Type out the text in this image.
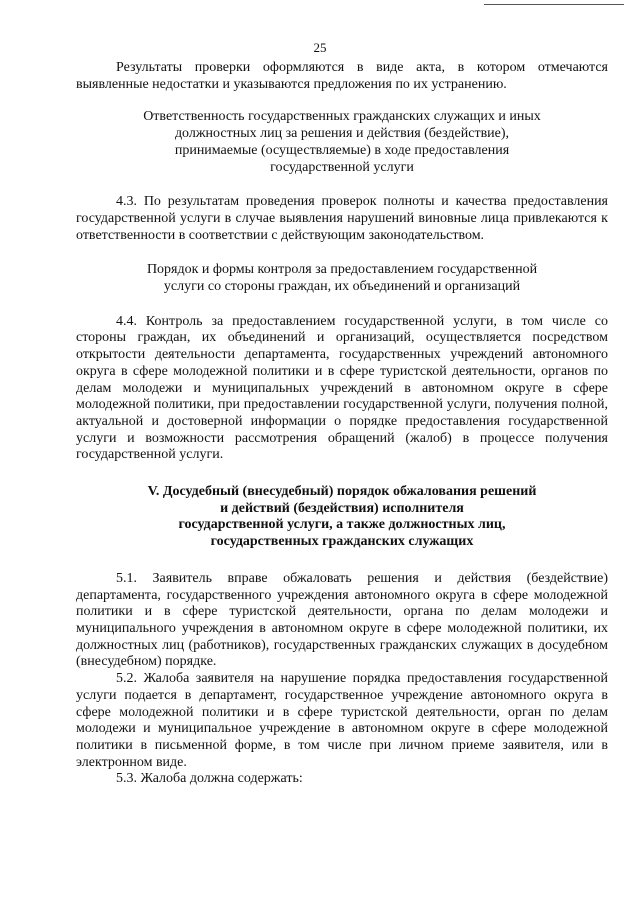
25

Результаты проверки оформляются в виде акта, в котором отмечаются выявленные недостатки и указываются предложения по их устранению.

Ответственность государственных гражданских служащих и иных
должностных лиц за решения и действия (бездействие),
принимаемые (осуществляемые) в ходе предоставления
государственной услуги

4.3. По результатам проведения проверок полноты и качества предоставления государственной услуги в случае выявления нарушений виновные лица привлекаются к ответственности в соответствии с действующим законодательством.

Порядок и формы контроля за предоставлением государственной
услуги со стороны граждан, их объединений и организаций

4.4. Контроль за предоставлением государственной услуги, в том числе со стороны граждан, их объединений и организаций, осуществляется посредством открытости деятельности департамента, государственных учреждений автономного округа в сфере молодежной политики и в сфере туристской деятельности, органов по делам молодежи и муниципальных учреждений в автономном округе в сфере молодежной политики, при предоставлении государственной услуги, получения полной, актуальной и достоверной информации о порядке предоставления государственной услуги и возможности рассмотрения обращений (жалоб) в процессе получения государственной услуги.

V. Досудебный (внесудебный) порядок обжалования решений
и действий (бездействия) исполнителя
государственной услуги, а также должностных лиц,
государственных гражданских служащих

5.1. Заявитель вправе обжаловать решения и действия (бездействие) департамента, государственного учреждения автономного округа в сфере молодежной политики и в сфере туристской деятельности, органа по делам молодежи и муниципального учреждения в автономном округе в сфере молодежной политики, их должностных лиц (работников), государственных гражданских служащих в досудебном (внесудебном) порядке.

5.2. Жалоба заявителя на нарушение порядка предоставления государственной услуги подается в департамент, государственное учреждение автономного округа в сфере молодежной политики и в сфере туристской деятельности, орган по делам молодежи и муниципальное учреждение в автономном округе в сфере молодежной политики в письменной форме, в том числе при личном приеме заявителя, или в электронном виде.

5.3. Жалоба должна содержать:
